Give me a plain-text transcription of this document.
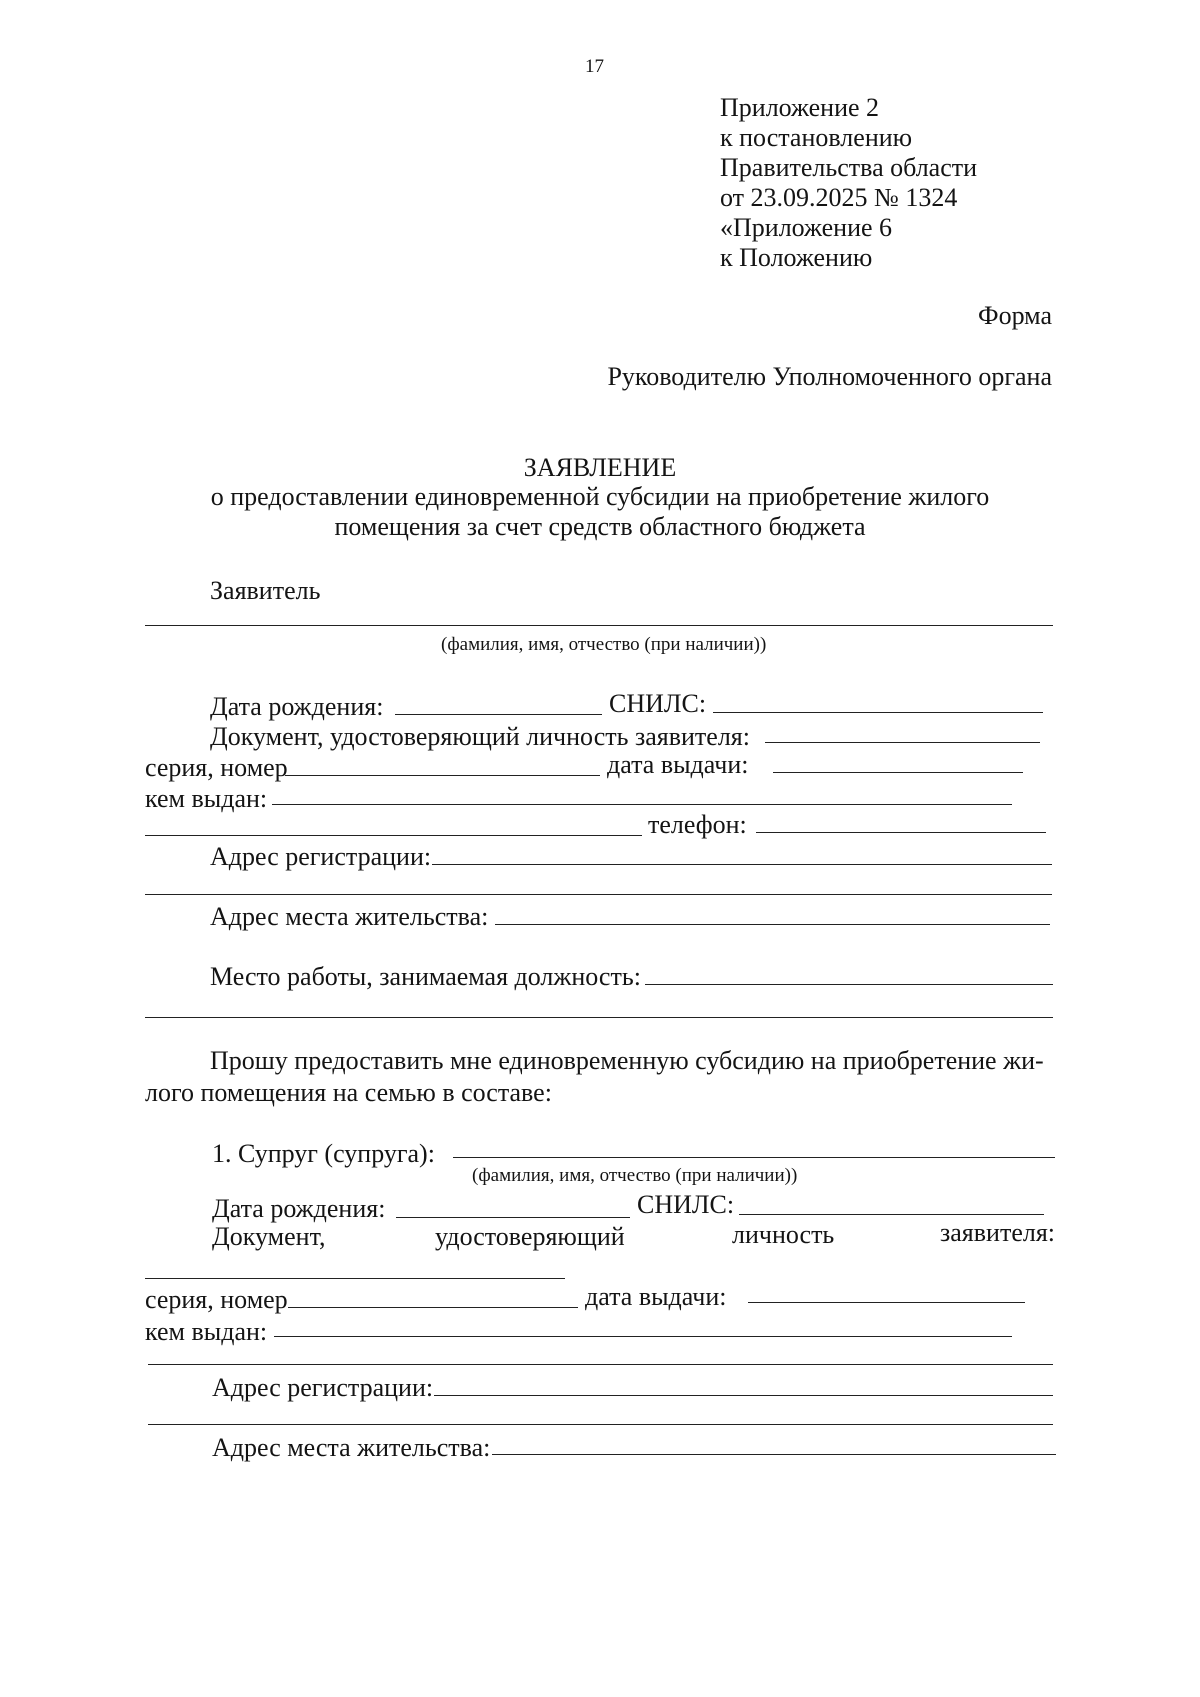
17
Приложение 2
к постановлению
Правительства области
от 23.09.2025 № 1324
«Приложение 6
к Положению
Форма
Руководителю Уполномоченного органа
ЗАЯВЛЕНИЕ
о предоставлении единовременной субсидии на приобретение жилого
помещения за счет средств областного бюджета
Заявитель
(фамилия, имя, отчество (при наличии))
Дата рождения:	СНИЛС:
Документ, удостоверяющий личность заявителя:
серия, номер	дата выдачи:
кем выдан:
телефон:
Адрес регистрации:
Адрес места жительства:
Место работы, занимаемая должность:
Прошу предоставить мне единовременную субсидию на приобретение жи-
лого помещения на семью в составе:
1. Супруг (супруга):
(фамилия, имя, отчество (при наличии))
Дата рождения:	СНИЛС:
Документ,	удостоверяющий	личность	заявителя:
серия, номер	дата выдачи:
кем выдан:
Адрес регистрации:
Адрес места жительства:
